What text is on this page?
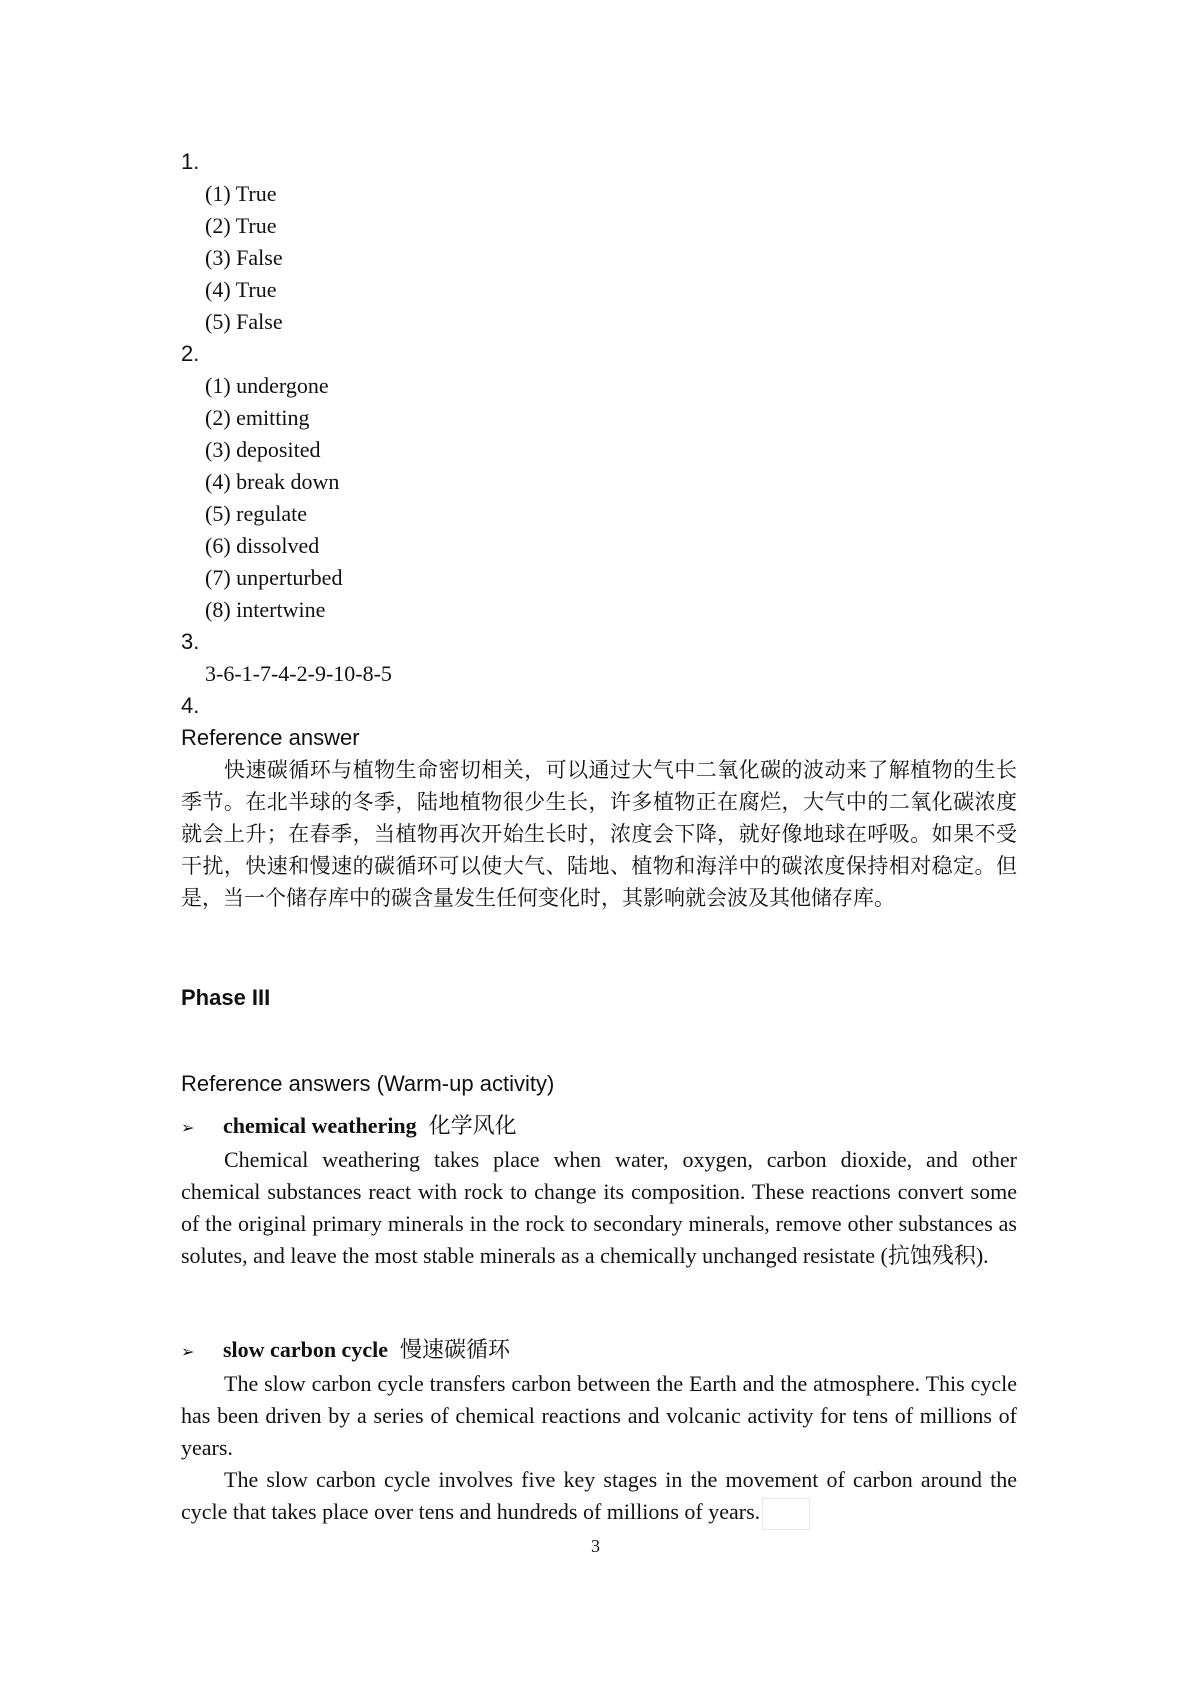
1.

(1) True

(2) True

(3) False

(4) True

(5) False

2.

(1) undergone

(2) emitting

(3) deposited

(4) break down

(5) regulate

(6) dissolved

(7) unperturbed

(8) intertwine

3.

3-6-1-7-4-2-9-10-8-5

4.

Reference answer

快速碳循环与植物生命密切相关，可以通过大气中二氧化碳的波动来了解植物的生长季节。在北半球的冬季，陆地植物很少生长，许多植物正在腐烂，大气中的二氧化碳浓度就会上升；在春季，当植物再次开始生长时，浓度会下降，就好像地球在呼吸。如果不受干扰，快速和慢速的碳循环可以使大气、陆地、植物和海洋中的碳浓度保持相对稳定。但是，当一个储存库中的碳含量发生任何变化时，其影响就会波及其他储存库。

Phase III

Reference answers (Warm-up activity)

➢	chemical weathering 化学风化

Chemical weathering takes place when water, oxygen, carbon dioxide, and other chemical substances react with rock to change its composition. These reactions convert some of the original primary minerals in the rock to secondary minerals, remove other substances as solutes, and leave the most stable minerals as a chemically unchanged resistate (抗蚀残积).

➢	slow carbon cycle 慢速碳循环

The slow carbon cycle transfers carbon between the Earth and the atmosphere. This cycle has been driven by a series of chemical reactions and volcanic activity for tens of millions of years.

The slow carbon cycle involves five key stages in the movement of carbon around the cycle that takes place over tens and hundreds of millions of years.

3
